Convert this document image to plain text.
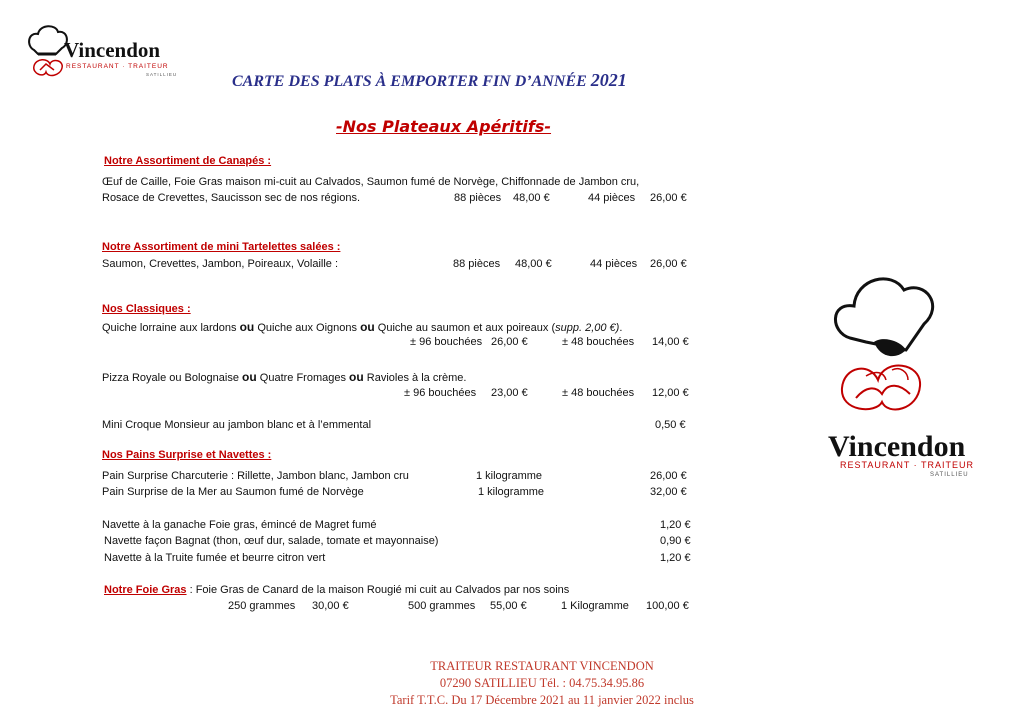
Vincendon
RESTAURANT · TRAITEUR
SATILLIEU	CARTE DES PLATS À EMPORTER FIN D’ANNÉE 2021
-Nos Plateaux Apéritifs-
Notre Assortiment de Canapés :
Œuf de Caille, Foie Gras maison mi-cuit au Calvados, Saumon fumé de Norvège, Chiffonnade de Jambon cru,
Rosace de Crevettes, Saucisson sec de nos régions.	88 pièces 48,00 €	44 pièces 26,00 €
Notre Assortiment de mini Tartelettes salées :
Saumon, Crevettes, Jambon, Poireaux, Volaille :	88 pièces 48,00 €	44 pièces 26,00 €
Nos Classiques :
Quiche lorraine aux lardons ou Quiche aux Oignons ou Quiche au saumon et aux poireaux (supp. 2,00 €).
± 96 bouchées 26,00 €	± 48 bouchées 14,00 €
Pizza Royale ou Bolognaise ou Quatre Fromages ou Ravioles à la crème.
± 96 bouchées 23,00 €	± 48 bouchées 12,00 €
Mini Croque Monsieur au jambon blanc et à l’emmental	0,50 €
Nos Pains Surprise et Navettes :
Pain Surprise Charcuterie : Rillette, Jambon blanc, Jambon cru	1 kilogramme	26,00 €
Pain Surprise de la Mer au Saumon fumé de Norvège	1 kilogramme	32,00 €
Navette à la ganache Foie gras, émincé de Magret fumé	1,20 €
Navette façon Bagnat (thon, œuf dur, salade, tomate et mayonnaise)	0,90 €
Navette à la Truite fumée et beurre citron vert	1,20 €
Notre Foie Gras : Foie Gras de Canard de la maison Rougié mi cuit au Calvados par nos soins
250 grammes 30,00 €	500 grammes 55,00 €	1 Kilogramme 100,00 €
Vincendon
RESTAURANT · TRAITEUR
SATILLIEU
TRAITEUR RESTAURANT VINCENDON
07290 SATILLIEU Tél. : 04.75.34.95.86
Tarif T.T.C. Du 17 Décembre 2021 au 11 janvier 2022 inclus
